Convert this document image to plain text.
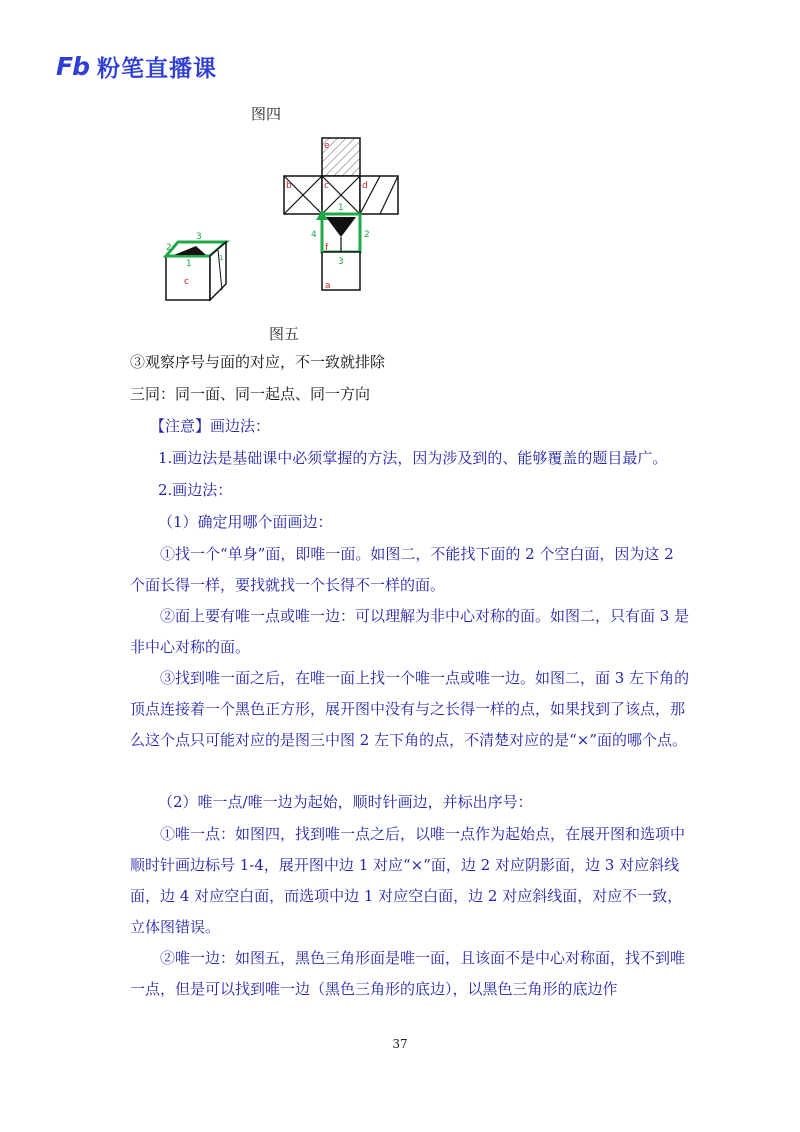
Fb 粉笔直播课
图四
e
b	c	d
1
2
3
4
f
a
2
3
1
c
1
图五

③观察序号与面的对应，不一致就排除

三同：同一面、同一起点、同一方向

【注意】画边法：

1.画边法是基础课中必须掌握的方法，因为涉及到的、能够覆盖的题目最广。

2.画边法：

（1）确定用哪个面画边：

①找一个“单身”面，即唯一面。如图二，不能找下面的 2 个空白面，因为这 2 个面长得一样，要找就找一个长得不一样的面。

②面上要有唯一点或唯一边：可以理解为非中心对称的面。如图二，只有面 3 是非中心对称的面。

③找到唯一面之后，在唯一面上找一个唯一点或唯一边。如图二，面 3 左下角的顶点连接着一个黑色正方形，展开图中没有与之长得一样的点，如果找到了该点，那么这个点只可能对应的是图三中图 2 左下角的点，不清楚对应的是“×”面的哪个点。

（2）唯一点/唯一边为起始，顺时针画边，并标出序号：

①唯一点：如图四，找到唯一点之后，以唯一点作为起始点，在展开图和选项中顺时针画边标号 1-4，展开图中边 1 对应“×”面，边 2 对应阴影面，边 3 对应斜线面，边 4 对应空白面，而选项中边 1 对应空白面，边 2 对应斜线面，对应不一致，立体图错误。

②唯一边：如图五，黑色三角形面是唯一面，且该面不是中心对称面，找不到唯一点，但是可以找到唯一边（黑色三角形的底边），以黑色三角形的底边作

37
